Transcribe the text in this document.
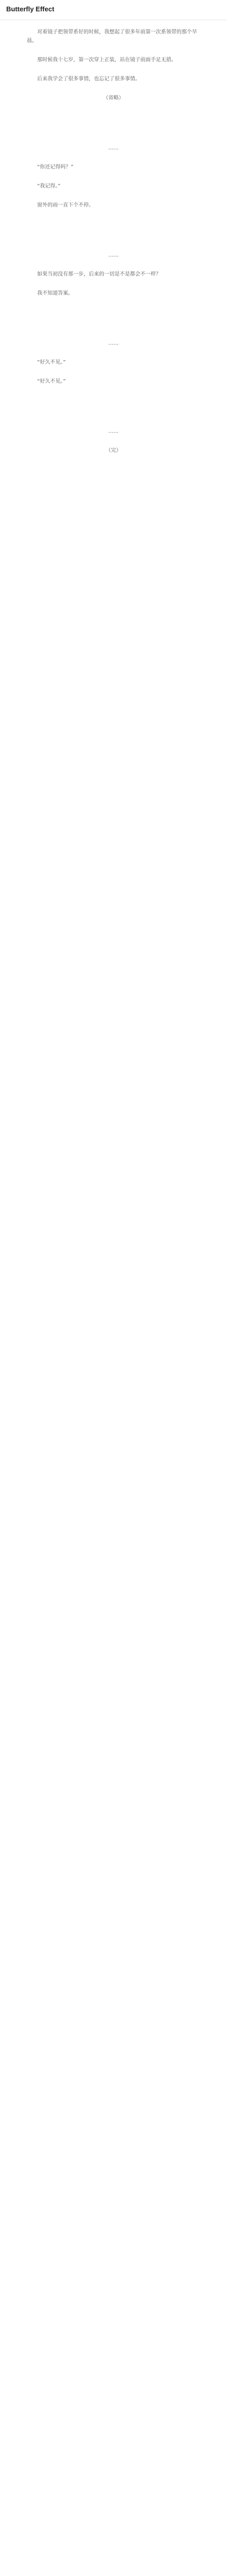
Butterfly Effect

对着镜子把领带系好的时候，我想起了很多年前第一次系领带的那个早晨。

那时候我十七岁，第一次穿上正装，站在镜子前面手足无措。

后来我学会了很多事情，也忘记了很多事情。

（省略）

……

“你还记得吗？”

“我记得。”

窗外的雨一直下个不停。

……

如果当初没有那一步，后来的一切是不是都会不一样？

我不知道答案。

……

“好久不见。”

“好久不见。”

……

（完）
